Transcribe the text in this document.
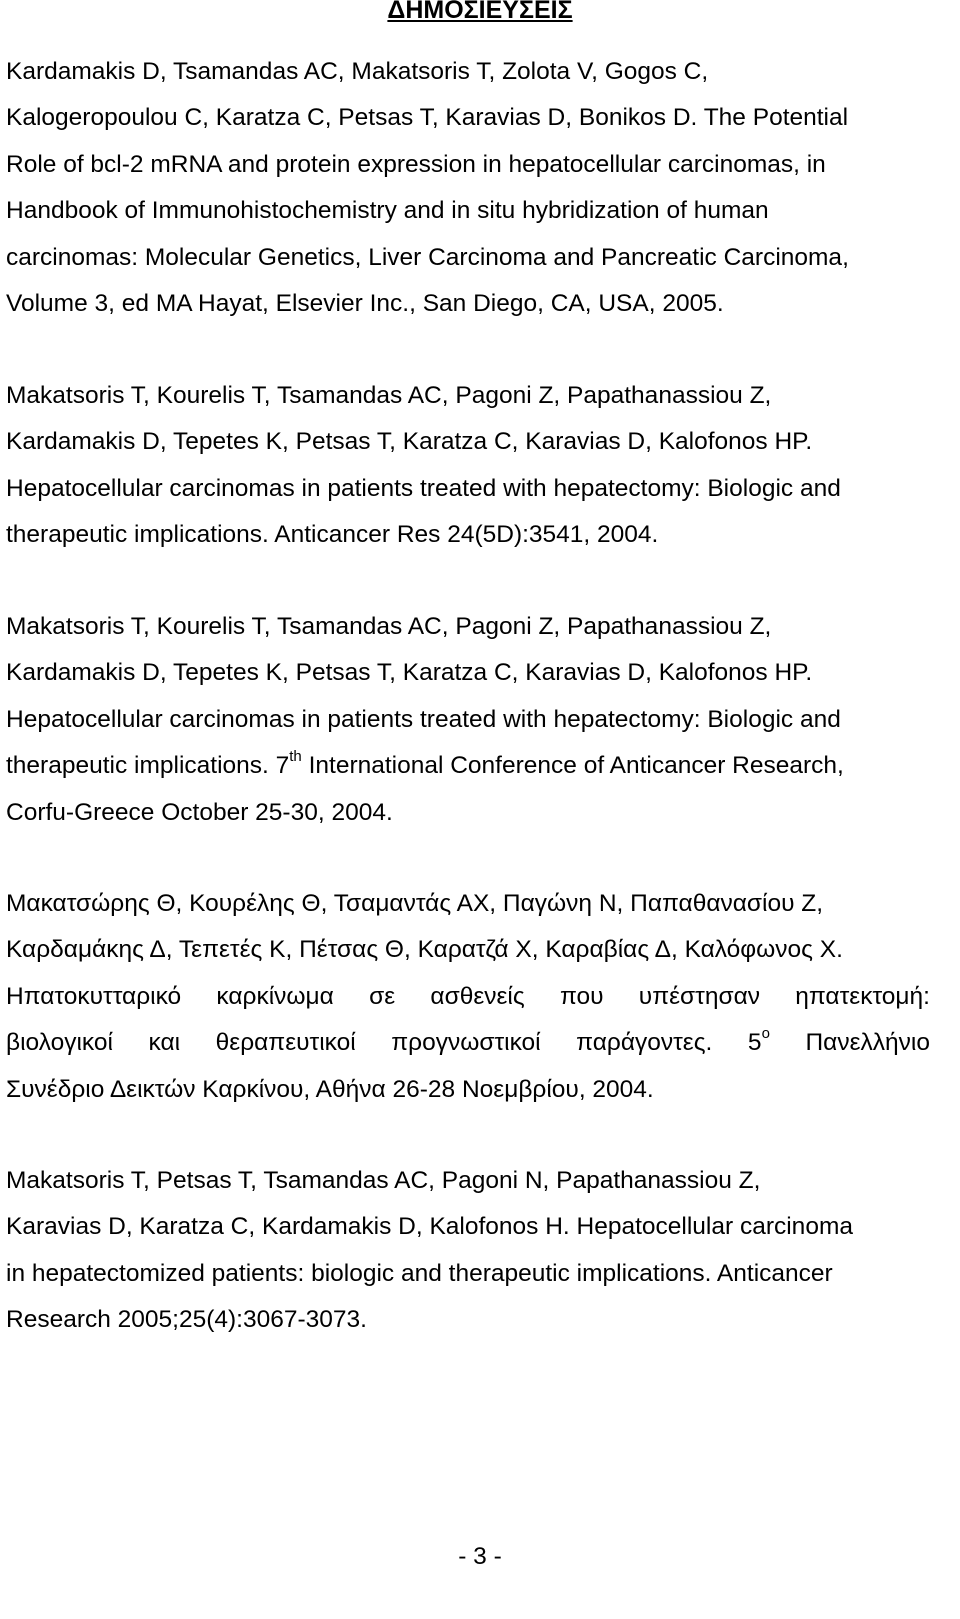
ΔΗΜΟΣΙΕΥΣΕΙΣ
Kardamakis D, Tsamandas AC, Makatsoris T, Zolota V, Gogos C,
Kalogeropoulou C, Karatza C, Petsas T, Karavias D, Bonikos D. The Potential
Role of bcl-2 mRNA and protein expression in hepatocellular carcinomas, in
Handbook of Immunohistochemistry and in situ hybridization of human
carcinomas: Molecular Genetics, Liver Carcinoma and Pancreatic Carcinoma,
Volume 3, ed MA Hayat, Elsevier Inc., San Diego, CA, USA, 2005.
Makatsoris T, Kourelis T, Tsamandas AC, Pagoni Z, Papathanassiou Z,
Kardamakis D, Tepetes K, Petsas T, Karatza C, Karavias D, Kalofonos HP.
Hepatocellular carcinomas in patients treated with hepatectomy: Biologic and
therapeutic implications. Anticancer Res 24(5D):3541, 2004.
Makatsoris T, Kourelis T, Tsamandas AC, Pagoni Z, Papathanassiou Z,
Kardamakis D, Tepetes K, Petsas T, Karatza C, Karavias D, Kalofonos HP.
Hepatocellular carcinomas in patients treated with hepatectomy: Biologic and
therapeutic implications. 7th International Conference of Anticancer Research,
Corfu-Greece October 25-30, 2004.
Μακατσώρης Θ, Κουρέλης Θ, Τσαμαντάς ΑΧ, Παγώνη Ν, Παπαθανασίου Ζ,
Καρδαμάκης Δ, Τεπετές Κ, Πέτσας Θ, Καρατζά Χ, Καραβίας Δ, Καλόφωνος Χ.
Ηπατοκυτταρικό καρκίνωμα σε ασθενείς που υπέστησαν ηπατεκτομή:
βιολογικοί και θεραπευτικοί προγνωστικοί παράγοντες. $5^o$ Πανελλήνιο
Συνέδριο Δεικτών Καρκίνου, Αθήνα 26-28 Νοεμβρίου, 2004.
Makatsoris T, Petsas T, Tsamandas AC, Pagoni N, Papathanassiou Z,
Karavias D, Karatza C, Kardamakis D, Kalofonos H. Hepatocellular carcinoma
in hepatectomized patients: biologic and therapeutic implications. Anticancer
Research 2005;25(4):3067-3073.
- 3 -
